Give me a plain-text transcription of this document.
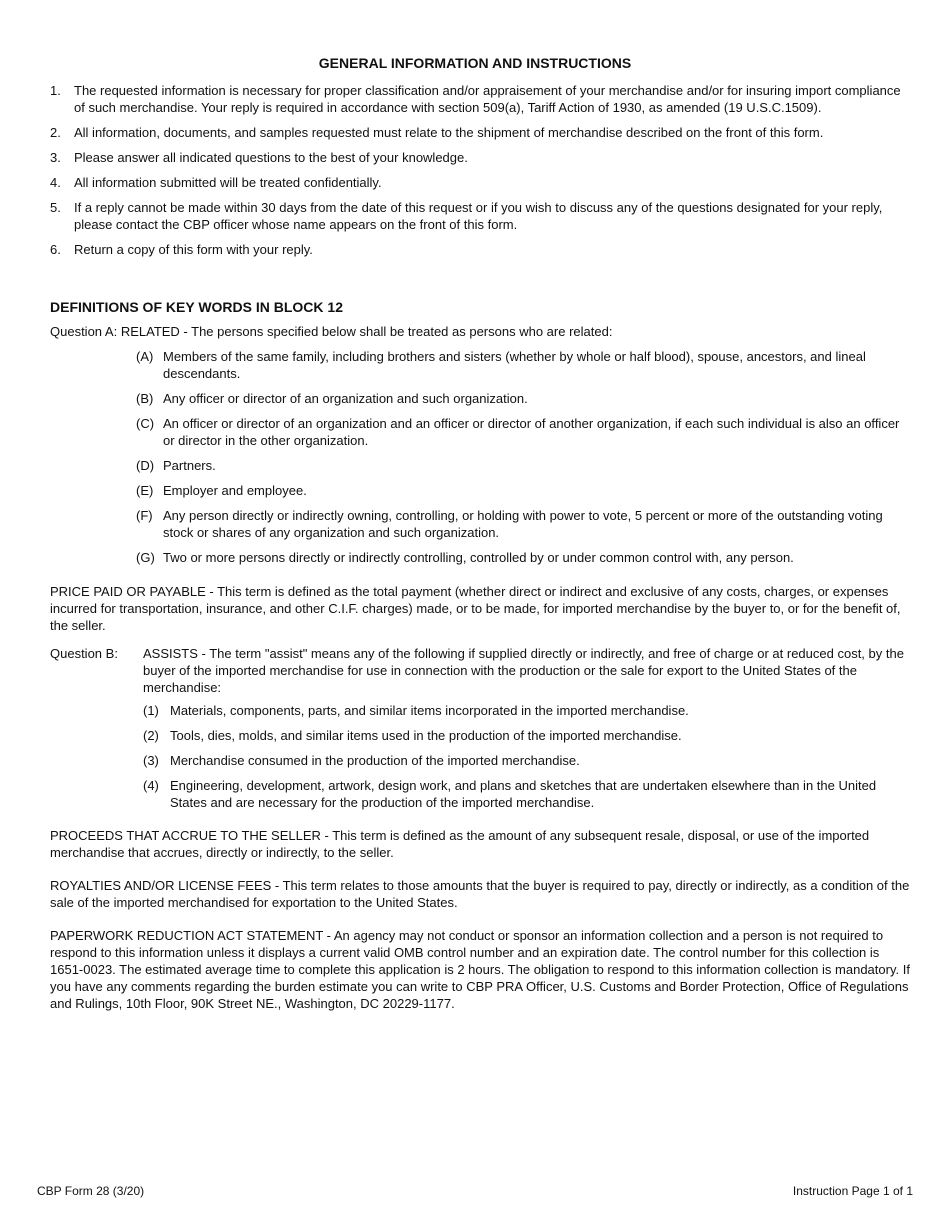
GENERAL INFORMATION AND INSTRUCTIONS
1. The requested information is necessary for proper classification and/or appraisement of your merchandise and/or for insuring import compliance of such merchandise. Your reply is required in accordance with section 509(a), Tariff Action of 1930, as amended (19 U.S.C.1509).
2. All information, documents, and samples requested must relate to the shipment of merchandise described on the front of this form.
3. Please answer all indicated questions to the best of your knowledge.
4. All information submitted will be treated confidentially.
5. If a reply cannot be made within 30 days from the date of this request or if you wish to discuss any of the questions designated for your reply, please contact the CBP officer whose name appears on the front of this form.
6. Return a copy of this form with your reply.
DEFINITIONS OF KEY WORDS IN BLOCK 12
Question A: RELATED - The persons specified below shall be treated as persons who are related:
(A) Members of the same family, including brothers and sisters (whether by whole or half blood), spouse, ancestors, and lineal descendants.
(B) Any officer or director of an organization and such organization.
(C) An officer or director of an organization and an officer or director of another organization, if each such individual is also an officer or director in the other organization.
(D) Partners.
(E) Employer and employee.
(F) Any person directly or indirectly owning, controlling, or holding with power to vote, 5 percent or more of the outstanding voting stock or shares of any organization and such organization.
(G) Two or more persons directly or indirectly controlling, controlled by or under common control with, any person.
PRICE PAID OR PAYABLE - This term is defined as the total payment (whether direct or indirect and exclusive of any costs, charges, or expenses incurred for transportation, insurance, and other C.I.F. charges) made, or to be made, for imported merchandise by the buyer to, or for the benefit of, the seller.
Question B: ASSISTS - The term "assist" means any of the following if supplied directly or indirectly, and free of charge or at reduced cost, by the buyer of the imported merchandise for use in connection with the production or the sale for export to the United States of the merchandise:
(1) Materials, components, parts, and similar items incorporated in the imported merchandise.
(2) Tools, dies, molds, and similar items used in the production of the imported merchandise.
(3) Merchandise consumed in the production of the imported merchandise.
(4) Engineering, development, artwork, design work, and plans and sketches that are undertaken elsewhere than in the United States and are necessary for the production of the imported merchandise.
PROCEEDS THAT ACCRUE TO THE SELLER - This term is defined as the amount of any subsequent resale, disposal, or use of the imported merchandise that accrues, directly or indirectly, to the seller.
ROYALTIES AND/OR LICENSE FEES - This term relates to those amounts that the buyer is required to pay, directly or indirectly, as a condition of the sale of the imported merchandised for exportation to the United States.
PAPERWORK REDUCTION ACT STATEMENT - An agency may not conduct or sponsor an information collection and a person is not required to respond to this information unless it displays a current valid OMB control number and an expiration date. The control number for this collection is 1651-0023. The estimated average time to complete this application is 2 hours. The obligation to respond to this information collection is mandatory. If you have any comments regarding the burden estimate you can write to CBP PRA Officer, U.S. Customs and Border Protection, Office of Regulations and Rulings, 10th Floor, 90K Street NE., Washington, DC 20229-1177.
CBP Form 28 (3/20)	Instruction Page 1 of 1
